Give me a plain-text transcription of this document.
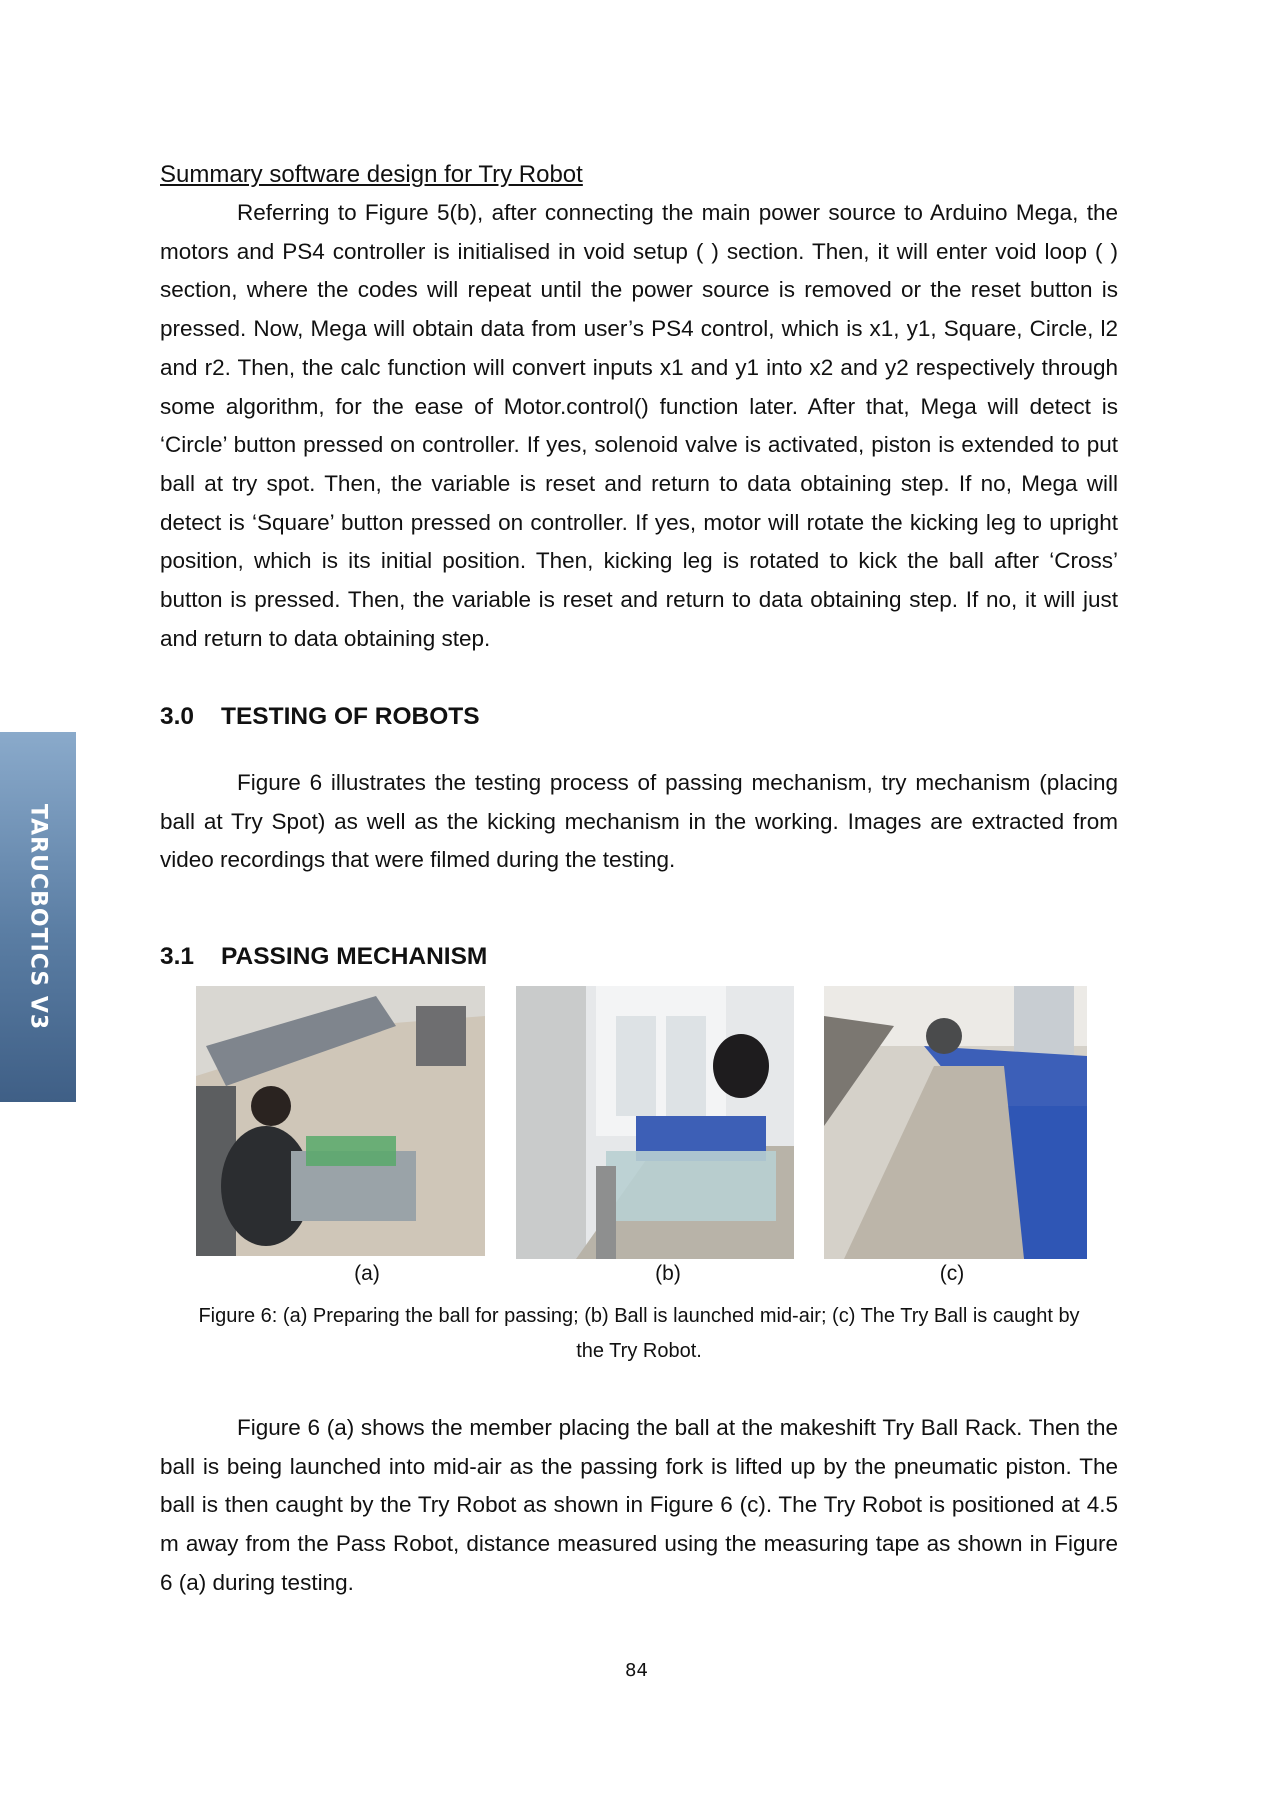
TARUCBOTICS V3

Summary software design for Try Robot

Referring to Figure 5(b), after connecting the main power source to Arduino Mega, the motors and PS4 controller is initialised in void setup ( ) section. Then, it will enter void loop ( ) section, where the codes will repeat until the power source is removed or the reset button is pressed. Now, Mega will obtain data from user’s PS4 control, which is x1, y1, Square, Circle, l2 and r2. Then, the calc function will convert inputs x1 and y1 into x2 and y2 respectively through some algorithm, for the ease of Motor.control() function later. After that, Mega will detect is ‘Circle’ button pressed on controller. If yes, solenoid valve is activated, piston is extended to put ball at try spot. Then, the variable is reset and return to data obtaining step. If no, Mega will detect is ‘Square’ button pressed on controller. If yes, motor will rotate the kicking leg to upright position, which is its initial position. Then, kicking leg is rotated to kick the ball after ‘Cross’ button is pressed. Then, the variable is reset and return to data obtaining step. If no, it will just and return to data obtaining step.

3.0 TESTING OF ROBOTS

Figure 6 illustrates the testing process of passing mechanism, try mechanism (placing ball at Try Spot) as well as the kicking mechanism in the working. Images are extracted from video recordings that were filmed during the testing.

3.1 PASSING MECHANISM
(a)	(b)	(c)
Figure 6: (a) Preparing the ball for passing; (b) Ball is launched mid-air; (c) The Try Ball is caught by
the Try Robot.

Figure 6 (a) shows the member placing the ball at the makeshift Try Ball Rack. Then the ball is being launched into mid-air as the passing fork is lifted up by the pneumatic piston. The ball is then caught by the Try Robot as shown in Figure 6 (c). The Try Robot is positioned at 4.5 m away from the Pass Robot, distance measured using the measuring tape as shown in Figure 6 (a) during testing.

84
